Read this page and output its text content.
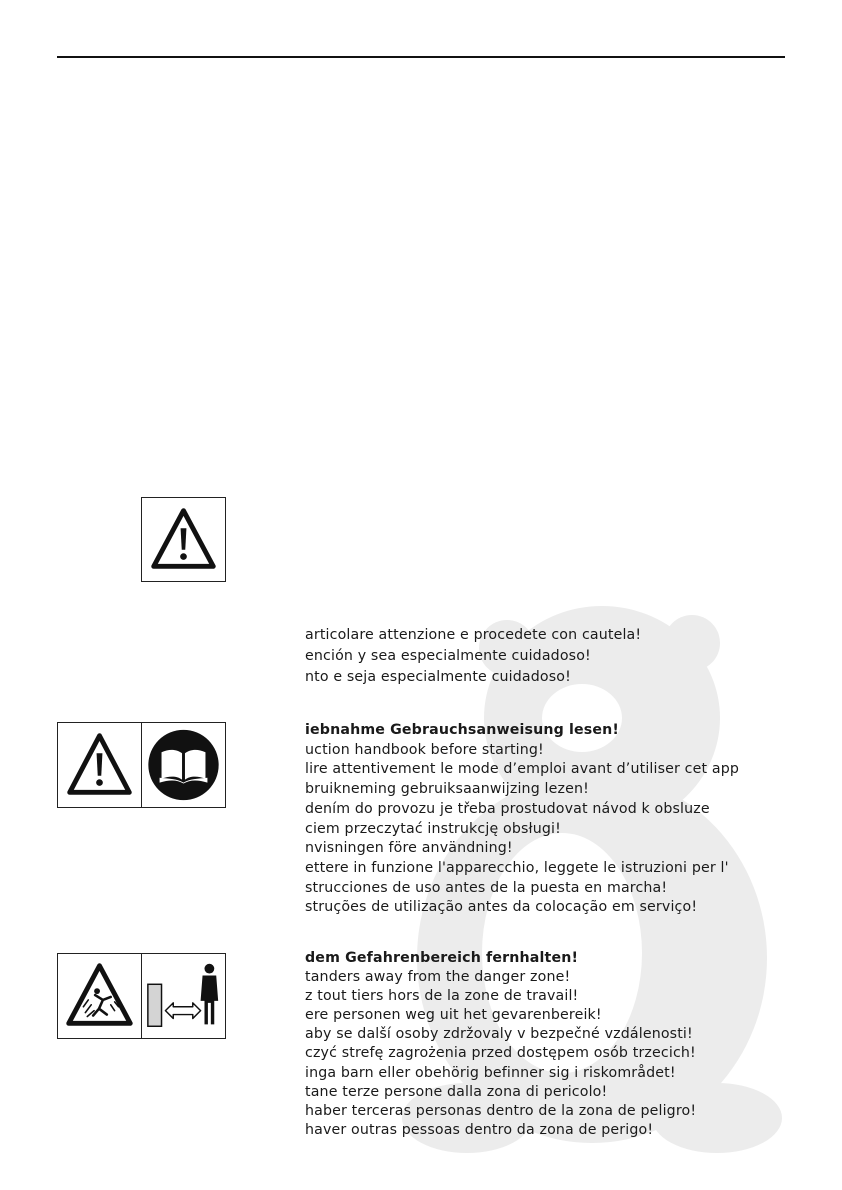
articolare attenzione e procedete con cautela!
ención y sea especialmente cuidadoso!
nto e seja especialmente cuidadoso!
iebnahme Gebrauchsanweisung lesen!
uction handbook before starting!
lire attentivement le mode d’emploi avant d’utiliser cet app
bruikneming gebruiksaanwijzing lezen!
dením do provozu je třeba prostudovat návod k obsluze
ciem przeczytać instrukcję obsługi!
nvisningen före användning!
ettere in funzione l'apparecchio, leggete le istruzioni per l'
strucciones de uso antes de la puesta en marcha!
struções de utilização antes da colocação em serviço!
dem Gefahrenbereich fernhalten!
tanders away from the danger zone!
z tout tiers hors de la zone de travail!
ere personen weg uit het gevarenbereik!
aby se další osoby zdržovaly v bezpečné vzdálenosti!
czyć strefę zagrożenia przed dostępem osób trzecich!
inga barn eller obehörig befinner sig i riskområdet!
tane terze persone dalla zona di pericolo!
haber terceras personas dentro de la zona de peligro!
haver outras pessoas dentro da zona de perigo!
